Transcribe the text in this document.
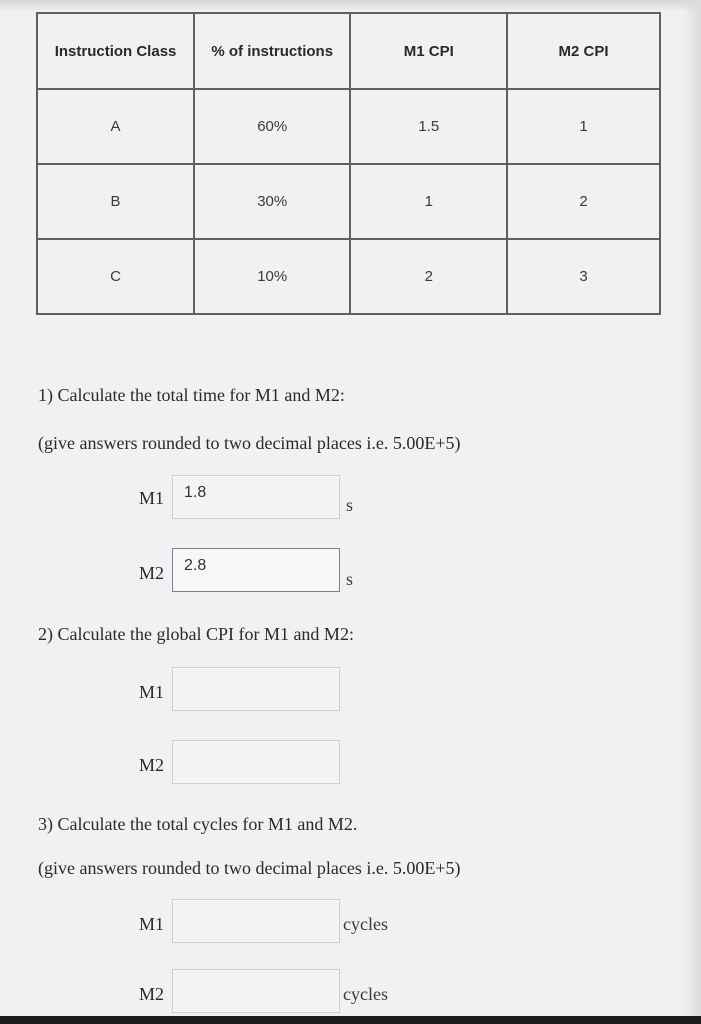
Instruction Class	% of instructions	M1 CPI	M2 CPI
A	60%	1.5	1
B	30%	1	2
C	10%	2	3
1) Calculate the total time for M1 and M2:
(give answers rounded to two decimal places i.e. 5.00E+5)
M1	1.8
s
M2	2.8
s
2) Calculate the global CPI for M1 and M2:
M1
M2
3) Calculate the total cycles for M1 and M2.
(give answers rounded to two decimal places i.e. 5.00E+5)
M1	cycles
M2	cycles
